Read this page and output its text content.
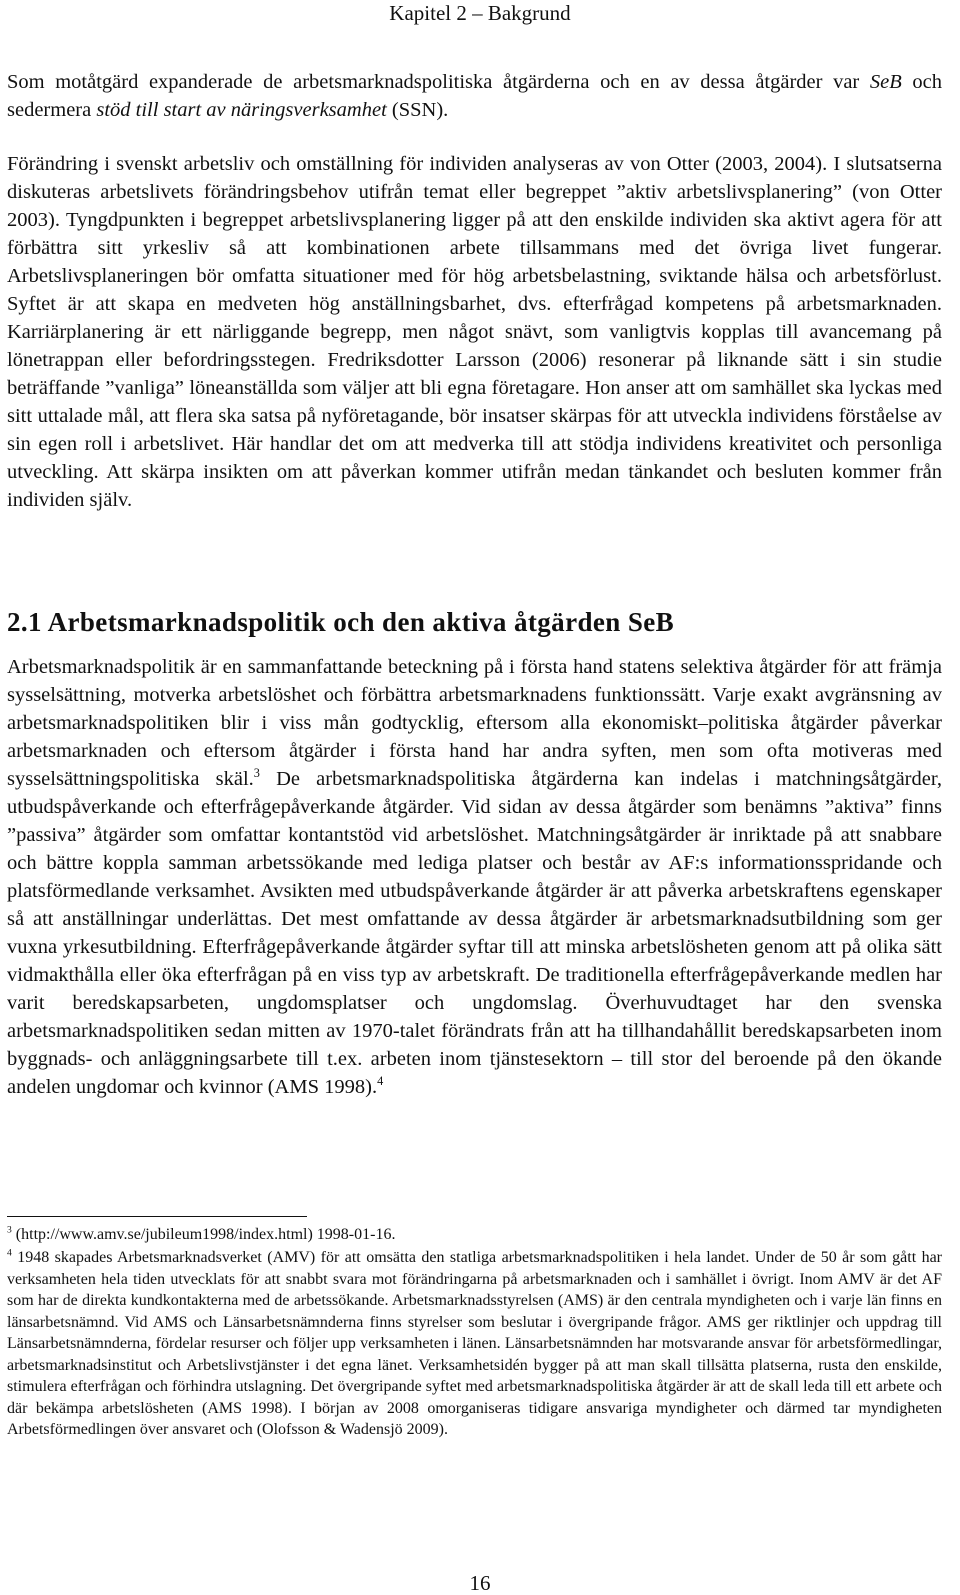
Kapitel 2 – Bakgrund

Som motåtgärd expanderade de arbetsmarknadspolitiska åtgärderna och en av dessa åtgärder var SeB och sedermera stöd till start av näringsverksamhet (SSN).

Förändring i svenskt arbetsliv och omställning för individen analyseras av von Otter (2003, 2004). I slutsatserna diskuteras arbetslivets förändringsbehov utifrån temat eller begreppet ”aktiv arbetslivsplanering” (von Otter 2003). Tyngdpunkten i begreppet arbetslivsplanering ligger på att den enskilde individen ska aktivt agera för att förbättra sitt yrkesliv så att kombinationen arbete tillsammans med det övriga livet fungerar. Arbetslivsplaneringen bör omfatta situationer med för hög arbetsbelastning, sviktande hälsa och arbetsförlust. Syftet är att skapa en medveten hög anställningsbarhet, dvs. efterfrågad kompetens på arbetsmarknaden. Karriärplanering är ett närliggande begrepp, men något snävt, som vanligtvis kopplas till avancemang på lönetrappan eller befordringsstegen. Fredriksdotter Larsson (2006) resonerar på liknande sätt i sin studie beträffande ”vanliga” löneanställda som väljer att bli egna företagare. Hon anser att om samhället ska lyckas med sitt uttalade mål, att flera ska satsa på nyföretagande, bör insatser skärpas för att utveckla individens förståelse av sin egen roll i arbetslivet. Här handlar det om att medverka till att stödja individens kreativitet och personliga utveckling. Att skärpa insikten om att påverkan kommer utifrån medan tänkandet och besluten kommer från individen själv.

2.1 Arbetsmarknadspolitik och den aktiva åtgärden SeB

Arbetsmarknadspolitik är en sammanfattande beteckning på i första hand statens selektiva åtgärder för att främja sysselsättning, motverka arbetslöshet och förbättra arbetsmarknadens funktionssätt. Varje exakt avgränsning av arbetsmarknadspolitiken blir i viss mån godtycklig, eftersom alla ekonomiskt–politiska åtgärder påverkar arbetsmarknaden och eftersom åtgärder i första hand har andra syften, men som ofta motiveras med sysselsättningspolitiska skäl.$^3$ De arbetsmarknadspolitiska åtgärderna kan indelas i matchningsåtgärder, utbudspåverkande och efterfrågepåverkande åtgärder. Vid sidan av dessa åtgärder som benämns ”aktiva” finns ”passiva” åtgärder som omfattar kontantstöd vid arbetslöshet. Matchningsåtgärder är inriktade på att snabbare och bättre koppla samman arbetssökande med lediga platser och består av AF:s informationsspridande och platsförmedlande verksamhet. Avsikten med utbudspåverkande åtgärder är att påverka arbetskraftens egenskaper så att anställningar underlättas. Det mest omfattande av dessa åtgärder är arbetsmarknadsutbildning som ger vuxna yrkesutbildning. Efterfrågepåverkande åtgärder syftar till att minska arbetslösheten genom att på olika sätt vidmakthålla eller öka efterfrågan på en viss typ av arbetskraft. De traditionella efterfrågepåverkande medlen har varit beredskapsarbeten, ungdomsplatser och ungdomslag. Överhuvudtaget har den svenska arbetsmarknadspolitiken sedan mitten av 1970-talet förändrats från att ha tillhandahållit beredskapsarbeten inom byggnads- och anläggningsarbete till t.ex. arbeten inom tjänstesektorn – till stor del beroende på den ökande andelen ungdomar och kvinnor (AMS 1998).$^4$

$^3$ (http://www.amv.se/jubileum1998/index.html) 1998-01-16.

$^4$ 1948 skapades Arbetsmarknadsverket (AMV) för att omsätta den statliga arbetsmarknadspolitiken i hela landet. Under de 50 år som gått har verksamheten hela tiden utvecklats för att snabbt svara mot förändringarna på arbetsmarknaden och i samhället i övrigt. Inom AMV är det AF som har de direkta kundkontakterna med de arbetssökande. Arbetsmarknadsstyrelsen (AMS) är den centrala myndigheten och i varje län finns en länsarbetsnämnd. Vid AMS och Länsarbetsnämnderna finns styrelser som beslutar i övergripande frågor. AMS ger riktlinjer och uppdrag till Länsarbetsnämnderna, fördelar resurser och följer upp verksamheten i länen. Länsarbetsnämnden har motsvarande ansvar för arbetsförmedlingar, arbetsmarknadsinstitut och Arbetslivstjänster i det egna länet. Verksamhetsidén bygger på att man skall tillsätta platserna, rusta den enskilde, stimulera efterfrågan och förhindra utslagning. Det övergripande syftet med arbetsmarknadspolitiska åtgärder är att de skall leda till ett arbete och där bekämpa arbetslösheten (AMS 1998). I början av 2008 omorganiseras tidigare ansvariga myndigheter och därmed tar myndigheten Arbetsförmedlingen över ansvaret och (Olofsson & Wadensjö 2009).

16
